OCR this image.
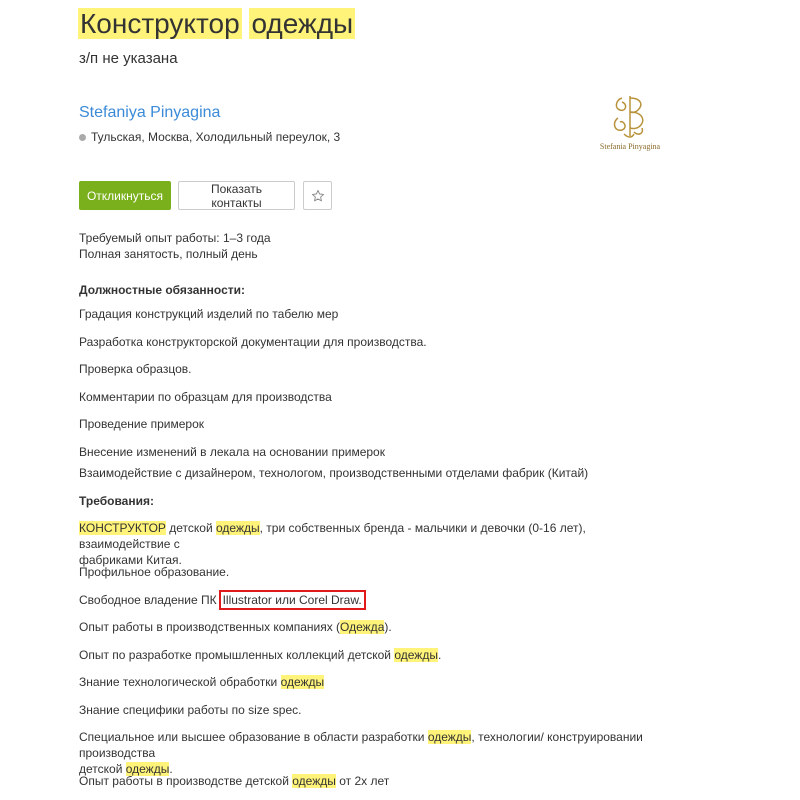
Конструктор одежды
з/п не указана
Stefaniya Pinyagina
Тульская, Москва, Холодильный переулок, 3
Stefania Pinyagina
Откликнуться	Показать контакты
Требуемый опыт работы: 1–3 года
Полная занятость, полный день
Должностные обязанности:
Градация конструкций изделий по табелю мер
Разработка конструкторской документации для производства.
Проверка образцов.
Комментарии по образцам для производства
Проведение примерок
Внесение изменений в лекала на основании примерок
Взаимодействие с дизайнером, технологом, производственными отделами фабрик (Китай)
Требования:
КОНСТРУКТОР детской одежды, три собственных бренда - мальчики и девочки (0-16 лет), взаимодействие с
фабриками Китая.
Профильное образование.
Свободное владение ПК Illustrator или Corel Draw.
Опыт работы в производственных компаниях (Одежда).
Опыт по разработке промышленных коллекций детской одежды.
Знание технологической обработки одежды
Знание специфики работы по size spec.
Специальное или высшее образование в области разработки одежды, технологии/ конструировании производства
детской одежды.
Опыт работы в производстве детской одежды от 2х лет
